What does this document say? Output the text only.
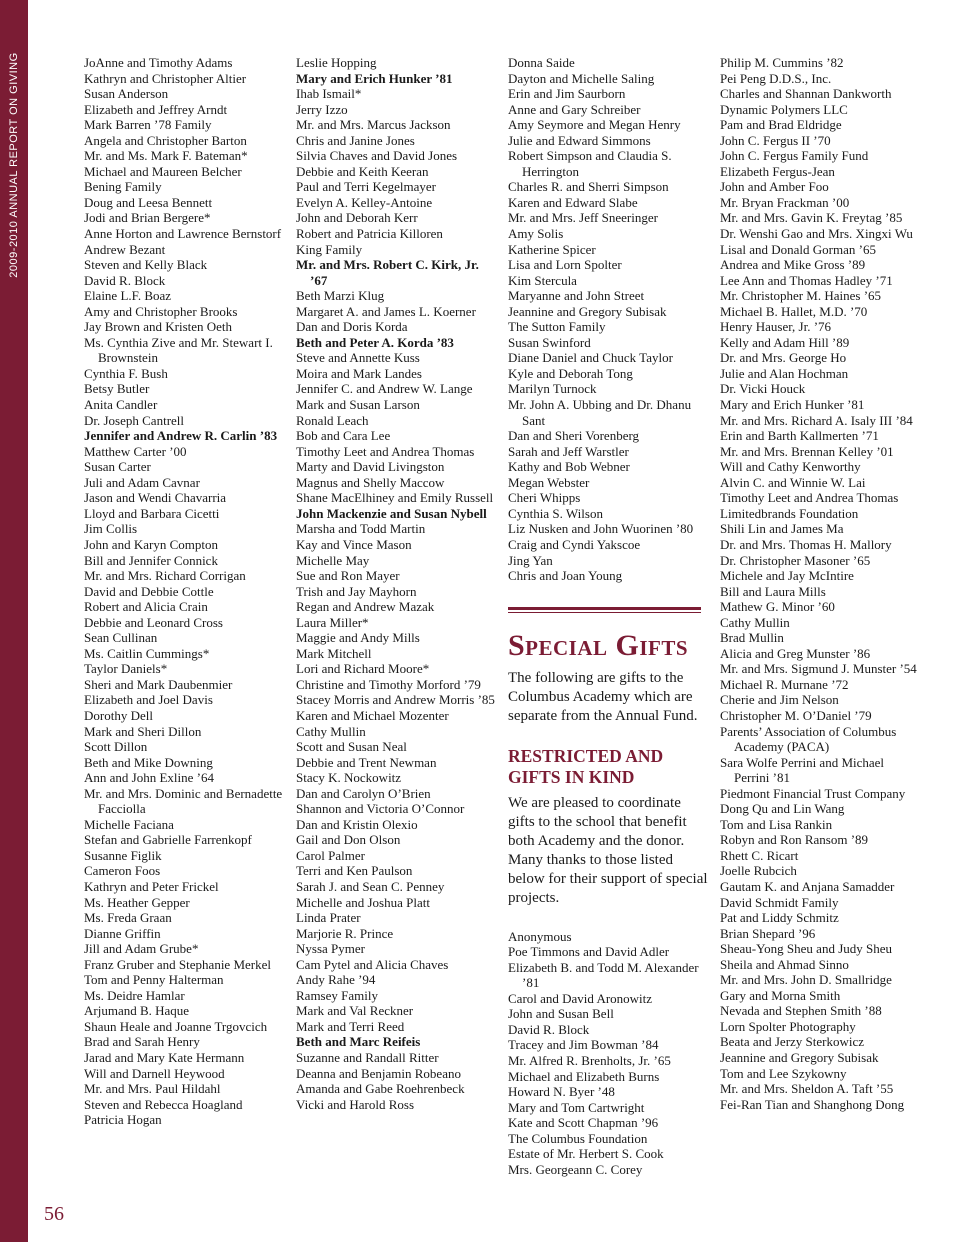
2009-2010 ANNUAL REPORT ON GIVING	JoAnne and Timothy Adams

Kathryn and Christopher Altier

Susan Anderson

Elizabeth and Jeffrey Arndt

Mark Barren ’78 Family

Angela and Christopher Barton

Mr. and Ms. Mark F. Bateman*

Michael and Maureen Belcher

Bening Family

Doug and Leesa Bennett

Jodi and Brian Bergere*

Anne Horton and Lawrence Bernstorf

Andrew Bezant

Steven and Kelly Black

David R. Block

Elaine L.F. Boaz

Amy and Christopher Brooks

Jay Brown and Kristen Oeth

Ms. Cynthia Zive and Mr. Stewart I. Brownstein

Cynthia F. Bush

Betsy Butler

Anita Candler

Dr. Joseph Cantrell

Jennifer and Andrew R. Carlin ’83

Matthew Carter ’00

Susan Carter

Juli and Adam Cavnar

Jason and Wendi Chavarria

Lloyd and Barbara Cicetti

Jim Collis

John and Karyn Compton

Bill and Jennifer Connick

Mr. and Mrs. Richard Corrigan

David and Debbie Cottle

Robert and Alicia Crain

Debbie and Leonard Cross

Sean Cullinan

Ms. Caitlin Cummings*

Taylor Daniels*

Sheri and Mark Daubenmier

Elizabeth and Joel Davis

Dorothy Dell

Mark and Sheri Dillon

Scott Dillon

Beth and Mike Downing

Ann and John Exline ’64

Mr. and Mrs. Dominic and Bernadette Facciolla

Michelle Faciana

Stefan and Gabrielle Farrenkopf

Susanne Figlik

Cameron Foos

Kathryn and Peter Frickel

Ms. Heather Gepper

Ms. Freda Graan

Dianne Griffin

Jill and Adam Grube*

Franz Gruber and Stephanie Merkel

Tom and Penny Halterman

Ms. Deidre Hamlar

Arjumand B. Haque

Shaun Heale and Joanne Trgovcich

Brad and Sarah Henry

Jarad and Mary Kate Hermann

Will and Darnell Heywood

Mr. and Mrs. Paul Hildahl

Steven and Rebecca Hoagland

Patricia Hogan

Leslie Hopping

Mary and Erich Hunker ’81

Ihab Ismail*

Jerry Izzo

Mr. and Mrs. Marcus Jackson

Chris and Janine Jones

Silvia Chaves and David Jones

Debbie and Keith Keeran

Paul and Terri Kegelmayer

Evelyn A. Kelley-Antoine

John and Deborah Kerr

Robert and Patricia Killoren

King Family

Mr. and Mrs. Robert C. Kirk, Jr. ’67

Beth Marzi Klug

Margaret A. and James L. Koerner

Dan and Doris Korda

Beth and Peter A. Korda ’83

Steve and Annette Kuss

Moira and Mark Landes

Jennifer C. and Andrew W. Lange

Mark and Susan Larson

Ronald Leach

Bob and Cara Lee

Timothy Leet and Andrea Thomas

Marty and David Livingston

Magnus and Shelly Maccow

Shane MacElhiney and Emily Russell

John Mackenzie and Susan Nybell

Marsha and Todd Martin

Kay and Vince Mason

Michelle May

Sue and Ron Mayer

Trish and Jay Mayhorn

Regan and Andrew Mazak

Laura Miller*

Maggie and Andy Mills

Mark Mitchell

Lori and Richard Moore*

Christine and Timothy Morford ’79

Stacey Morris and Andrew Morris ’85

Karen and Michael Mozenter

Cathy Mullin

Scott and Susan Neal

Debbie and Trent Newman

Stacy K. Nockowitz

Dan and Carolyn O’Brien

Shannon and Victoria O’Connor

Dan and Kristin Olexio

Gail and Don Olson

Carol Palmer

Terri and Ken Paulson

Sarah J. and Sean C. Penney

Michelle and Joshua Platt

Linda Prater

Marjorie R. Prince

Nyssa Pymer

Cam Pytel and Alicia Chaves

Andy Rahe ’94

Ramsey Family

Mark and Val Reckner

Mark and Terri Reed

Beth and Marc Reifeis

Suzanne and Randall Ritter

Deanna and Benjamin Robeano

Amanda and Gabe Roehrenbeck

Vicki and Harold Ross

Donna Saide

Dayton and Michelle Saling

Erin and Jim Saurborn

Anne and Gary Schreiber

Amy Seymore and Megan Henry

Julie and Edward Simmons

Robert Simpson and Claudia S. Herrington

Charles R. and Sherri Simpson

Karen and Edward Slabe

Mr. and Mrs. Jeff Sneeringer

Amy Solis

Katherine Spicer

Lisa and Lorn Spolter

Kim Stercula

Maryanne and John Street

Jeannine and Gregory Subisak

The Sutton Family

Susan Swinford

Diane Daniel and Chuck Taylor

Kyle and Deborah Tong

Marilyn Turnock

Mr. John A. Ubbing and Dr. Dhanu Sant

Dan and Sheri Vorenberg

Sarah and Jeff Warstler

Kathy and Bob Webner

Megan Webster

Cheri Whipps

Cynthia S. Wilson

Liz Nusken and John Wuorinen ’80

Craig and Cyndi Yakscoe

Jing Yan

Chris and Joan Young

Special Gifts

The following are gifts to the Columbus Academy which are separate from the Annual Fund.

RESTRICTED AND GIFTS IN KIND

We are pleased to coordinate gifts to the school that benefit both Academy and the donor. Many thanks to those listed below for their support of special projects.

Anonymous

Poe Timmons and David Adler

Elizabeth B. and Todd M. Alexander ’81

Carol and David Aronowitz

John and Susan Bell

David R. Block

Tracey and Jim Bowman ’84

Mr. Alfred R. Brenholts, Jr. ’65

Michael and Elizabeth Burns

Howard N. Byer ’48

Mary and Tom Cartwright

Kate and Scott Chapman ’96

The Columbus Foundation

Estate of Mr. Herbert S. Cook

Mrs. Georgeann C. Corey

Philip M. Cummins ’82

Pei Peng D.D.S., Inc.

Charles and Shannan Dankworth

Dynamic Polymers LLC

Pam and Brad Eldridge

John C. Fergus II ’70

John C. Fergus Family Fund

Elizabeth Fergus-Jean

John and Amber Foo

Mr. Bryan Frackman ’00

Mr. and Mrs. Gavin K. Freytag ’85

Dr. Wenshi Gao and Mrs. Xingxi Wu

Lisal and Donald Gorman ’65

Andrea and Mike Gross ’89

Lee Ann and Thomas Hadley ’71

Mr. Christopher M. Haines ’65

Michael B. Hallet, M.D. ’70

Henry Hauser, Jr. ’76

Kelly and Adam Hill ’89

Dr. and Mrs. George Ho

Julie and Alan Hochman

Dr. Vicki Houck

Mary and Erich Hunker ’81

Mr. and Mrs. Richard A. Isaly III ’84

Erin and Barth Kallmerten ’71

Mr. and Mrs. Brennan Kelley ’01

Will and Cathy Kenworthy

Alvin C. and Winnie W. Lai

Timothy Leet and Andrea Thomas

Limitedbrands Foundation

Shili Lin and James Ma

Dr. and Mrs. Thomas H. Mallory

Dr. Christopher Masoner ’65

Michele and Jay McIntire

Bill and Laura Mills

Mathew G. Minor ’60

Cathy Mullin

Brad Mullin

Alicia and Greg Munster ’86

Mr. and Mrs. Sigmund J. Munster ’54

Michael R. Murnane ’72

Cherie and Jim Nelson

Christopher M. O’Daniel ’79

Parents’ Association of Columbus Academy (PACA)

Sara Wolfe Perrini and Michael Perrini ’81

Piedmont Financial Trust Company

Dong Qu and Lin Wang

Tom and Lisa Rankin

Robyn and Ron Ransom ’89

Rhett C. Ricart

Joelle Rubcich

Gautam K. and Anjana Samadder

David Schmidt Family

Pat and Liddy Schmitz

Brian Shepard ’96

Sheau-Yong Sheu and Judy Sheu

Sheila and Ahmad Sinno

Mr. and Mrs. John D. Smallridge

Gary and Morna Smith

Nevada and Stephen Smith ’88

Lorn Spolter Photography

Beata and Jerzy Sterkowicz

Jeannine and Gregory Subisak

Tom and Lee Szykowny

Mr. and Mrs. Sheldon A. Taft ’55

Fei-Ran Tian and Shanghong Dong

56
